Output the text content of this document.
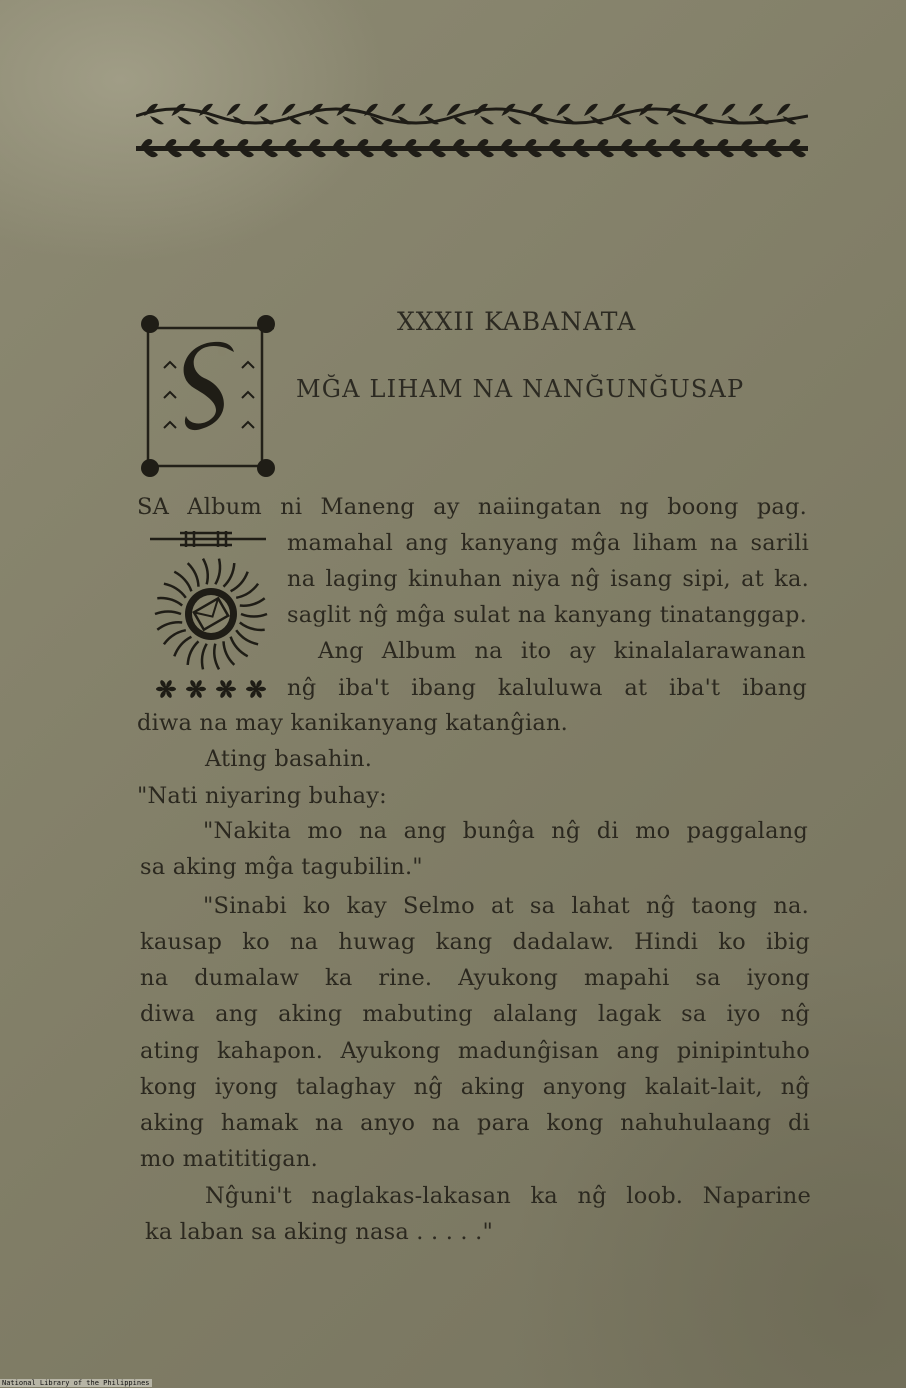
XXXII KABANATA
MĞA LIHAM NA NANĞUNĞUSAP
SA Album ni Maneng ay naiingatan ng boong pag.
mamahal ang kanyang mĝa liham na sarili
na laging kinuhan niya nĝ isang sipi, at ka.
saglit nĝ mĝa sulat na kanyang tinatanggap.
Ang Album na ito ay kinalalarawanan
nĝ iba't ibang kaluluwa at iba't ibang
diwa na may kanikanyang katanĝian.
Ating basahin.
"Nati niyaring buhay:
"Nakita mo na ang bunĝa nĝ di mo paggalang
sa aking mĝa tagubilin."
"Sinabi ko kay Selmo at sa lahat nĝ taong na.
kausap ko na huwag kang dadalaw. Hindi ko ibig
na dumalaw ka rine. Ayukong mapahi sa iyong
diwa ang aking mabuting alalang lagak sa iyo nĝ
ating kahapon. Ayukong madunĝisan ang pinipintuho
kong iyong talaghay nĝ aking anyong kalait-lait, nĝ
aking hamak na anyo na para kong nahuhulaang di
mo matititigan.
Nĝuni't naglakas-lakasan ka nĝ loob. Naparine
ka laban sa aking nasa . . . . ."
National Library of the Philippines
